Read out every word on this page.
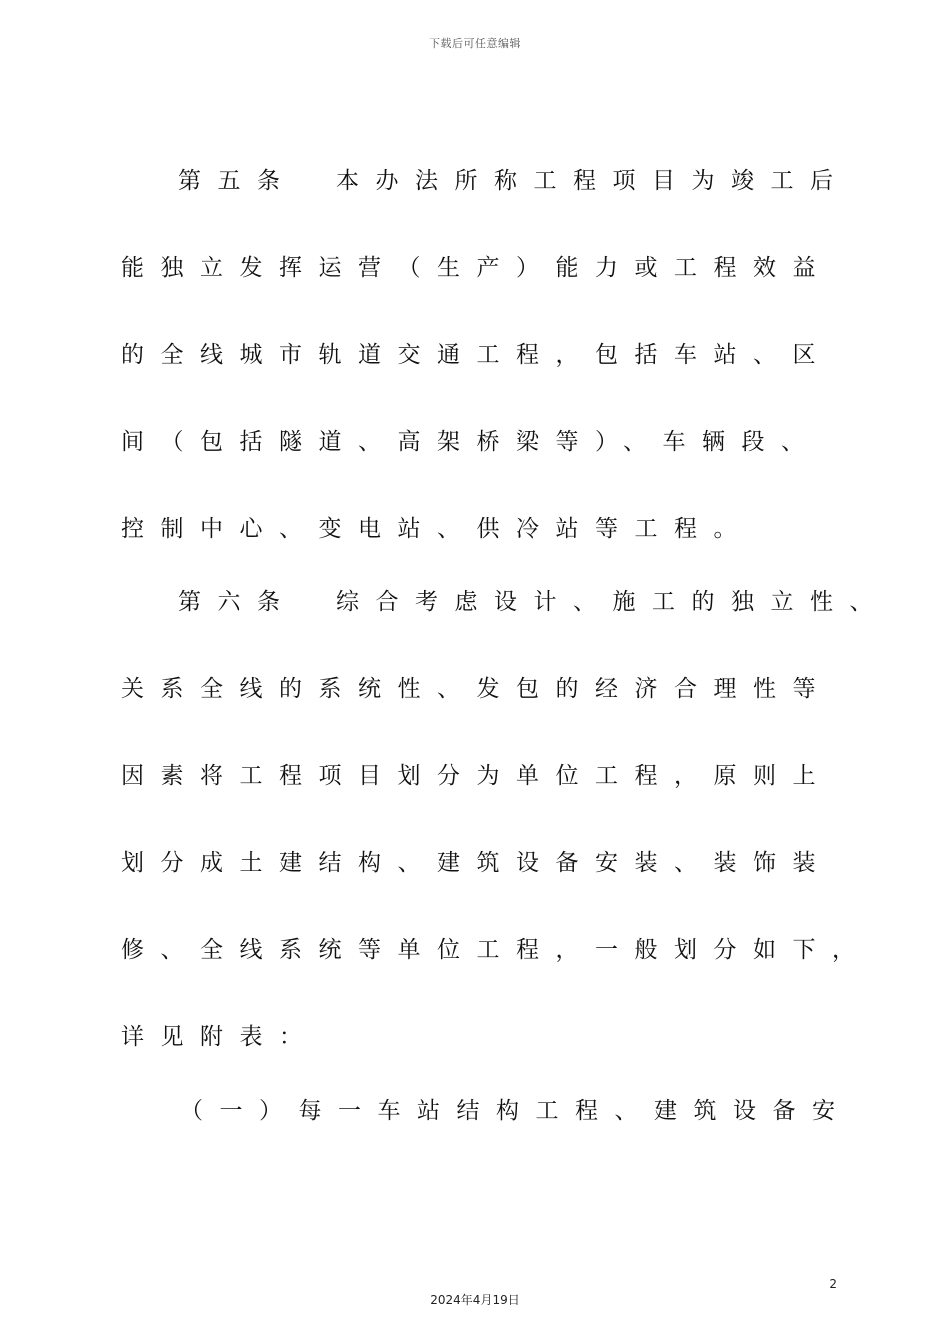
下载后可任意编辑
第五条　本办法所称工程项目为竣工后
能独立发挥运营（生产）能力或工程效益
的全线城市轨道交通工程，包括车站、区
间（包括隧道、高架桥梁等）、车辆段、
控制中心、变电站、供冷站等工程。
第六条　综合考虑设计、施工的独立性、
关系全线的系统性、发包的经济合理性等
因素将工程项目划分为单位工程，原则上
划分成土建结构、建筑设备安装、装饰装
修、全线系统等单位工程，一般划分如下，
详见附表：
（一）每一车站结构工程、建筑设备安
2
2024年4月19日
